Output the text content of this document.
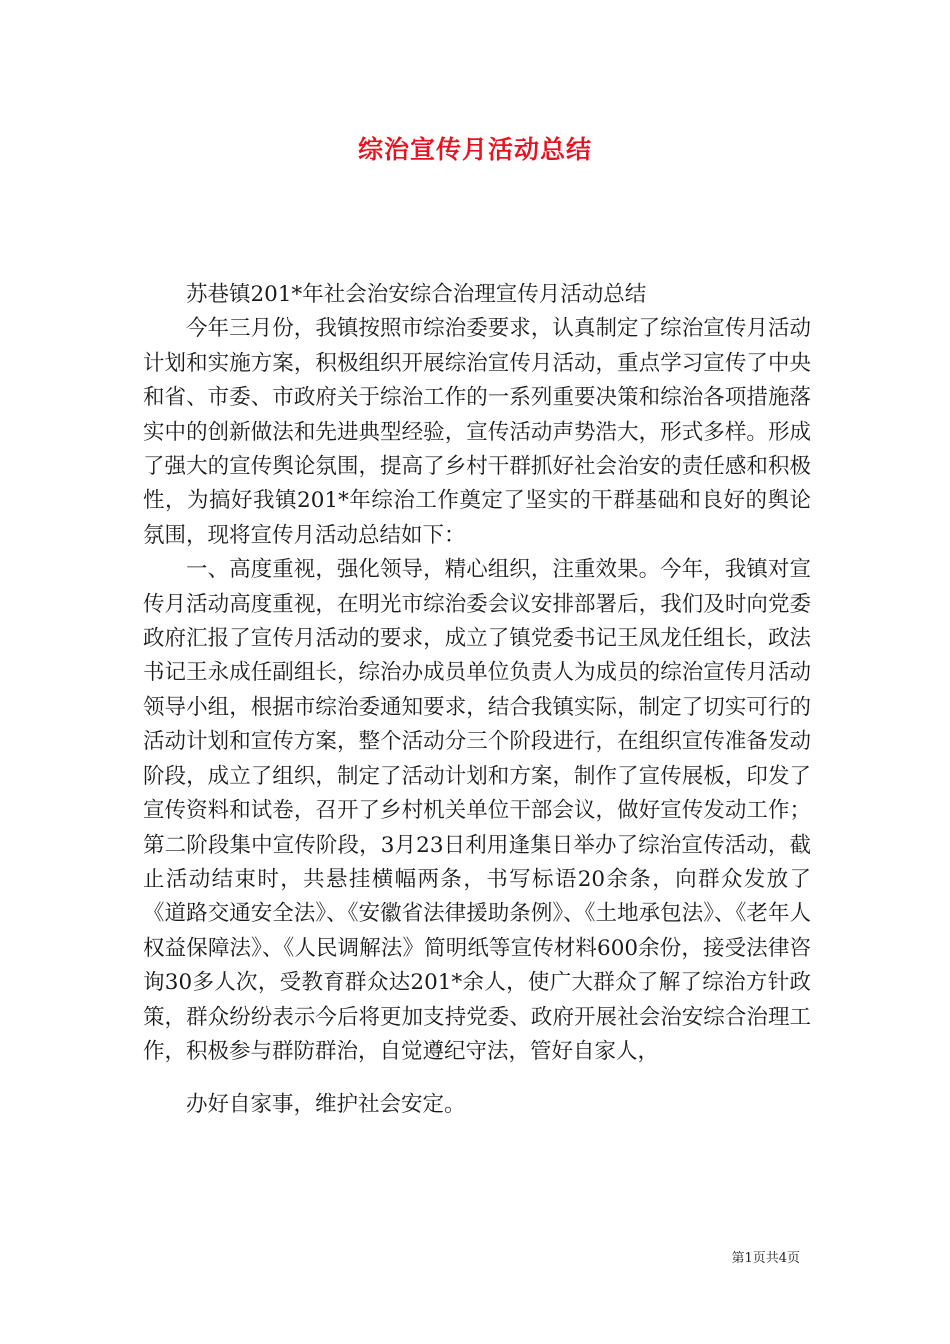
综治宣传月活动总结

苏巷镇201*年社会治安综合治理宣传月活动总结

今年三月份，我镇按照市综治委要求，认真制定了综治宣传月活动计划和实施方案，积极组织开展综治宣传月活动，重点学习宣传了中央和省、市委、市政府关于综治工作的一系列重要决策和综治各项措施落实中的创新做法和先进典型经验，宣传活动声势浩大，形式多样。形成了强大的宣传舆论氛围，提高了乡村干群抓好社会治安的责任感和积极性，为搞好我镇201*年综治工作奠定了坚实的干群基础和良好的舆论氛围，现将宣传月活动总结如下：

一、高度重视，强化领导，精心组织，注重效果。今年，我镇对宣传月活动高度重视，在明光市综治委会议安排部署后，我们及时向党委政府汇报了宣传月活动的要求，成立了镇党委书记王凤龙任组长，政法书记王永成任副组长，综治办成员单位负责人为成员的综治宣传月活动领导小组，根据市综治委通知要求，结合我镇实际，制定了切实可行的活动计划和宣传方案，整个活动分三个阶段进行，在组织宣传准备发动阶段，成立了组织，制定了活动计划和方案，制作了宣传展板，印发了宣传资料和试卷，召开了乡村机关单位干部会议，做好宣传发动工作；第二阶段集中宣传阶段，3月23日利用逢集日举办了综治宣传活动，截止活动结束时，共悬挂横幅两条，书写标语20余条，向群众发放了《道路交通安全法》、《安徽省法律援助条例》、《土地承包法》、《老年人权益保障法》、《人民调解法》简明纸等宣传材料600余份，接受法律咨询30多人次，受教育群众达201*余人，使广大群众了解了综治方针政策，群众纷纷表示今后将更加支持党委、政府开展社会治安综合治理工作，积极参与群防群治，自觉遵纪守法，管好自家人，

办好自家事，维护社会安定。

第1页共4页
